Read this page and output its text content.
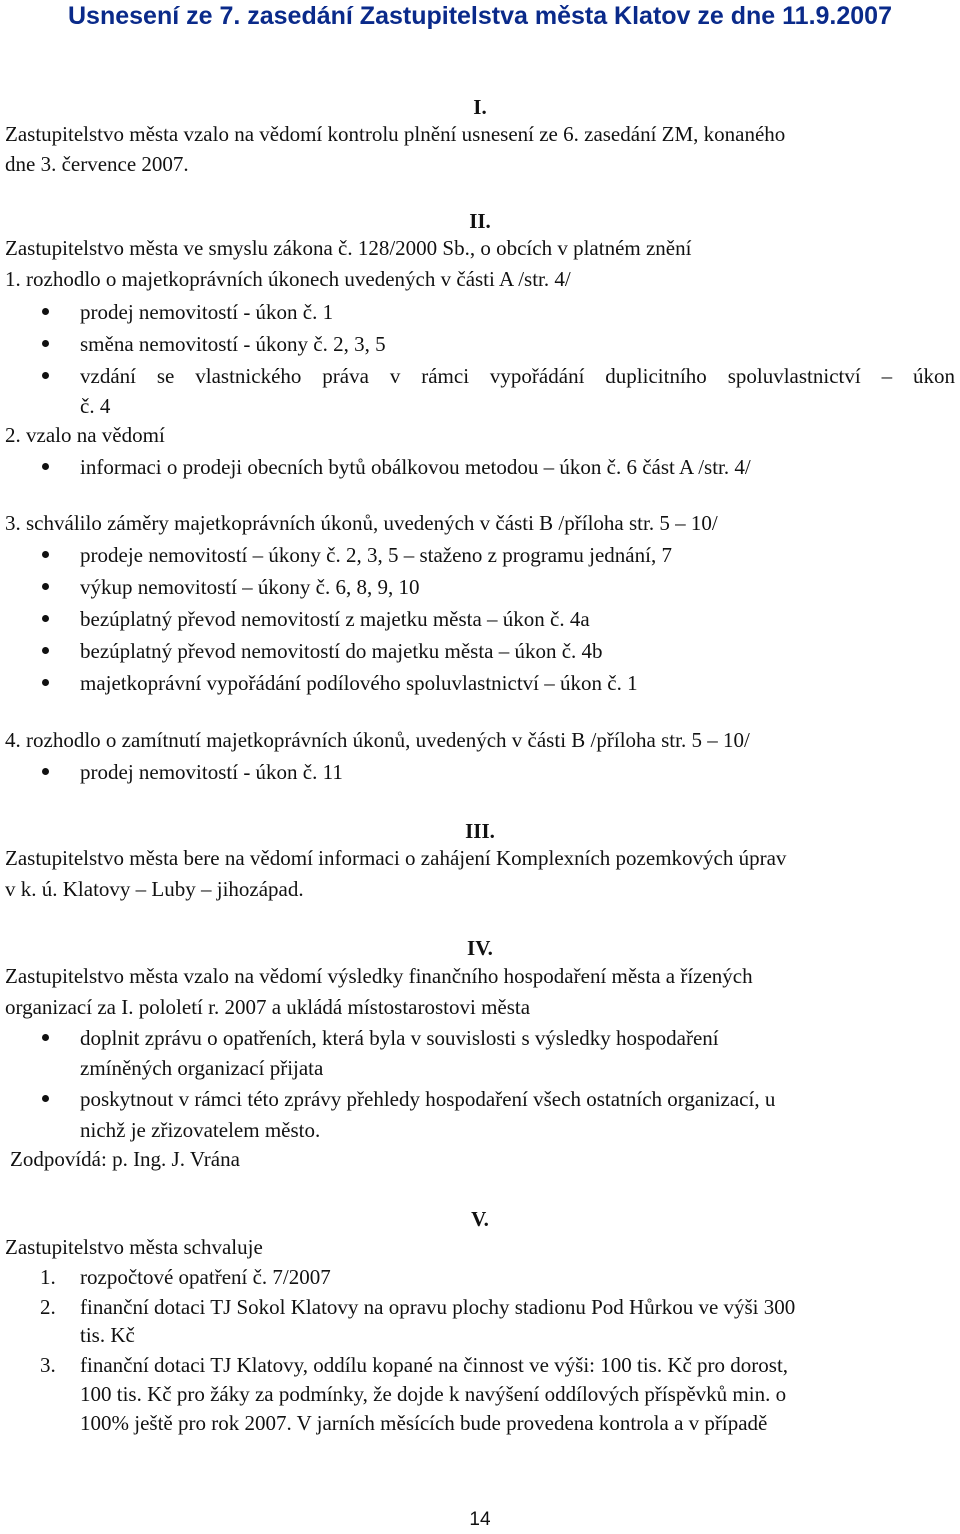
Usnesení ze 7. zasedání Zastupitelstva města Klatov ze dne 11.9.2007
I.

Zastupitelstvo města vzalo na vědomí kontrolu plnění usnesení ze 6. zasedání ZM, konaného

dne 3. července 2007.

II.

Zastupitelstvo města ve smyslu zákona č. 128/2000 Sb., o obcích v platném znění

1. rozhodlo o majetkoprávních úkonech uvedených v části A /str. 4/

prodej nemovitostí - úkon č. 1

směna nemovitostí - úkony č. 2, 3, 5

vzdání se vlastnického práva v rámci vypořádání duplicitního spoluvlastnictví – úkon

č. 4

2. vzalo na vědomí

informaci o prodeji obecních bytů obálkovou metodou – úkon č. 6 část A /str. 4/

3. schválilo záměry majetkoprávních úkonů, uvedených v části B /příloha str. 5 – 10/

prodeje nemovitostí – úkony č. 2, 3, 5 – staženo z programu jednání, 7

výkup nemovitostí – úkony č. 6, 8, 9, 10

bezúplatný převod nemovitostí z majetku města – úkon č. 4a

bezúplatný převod nemovitostí do majetku města – úkon č. 4b

majetkoprávní vypořádání podílového spoluvlastnictví – úkon č. 1

4. rozhodlo o zamítnutí majetkoprávních úkonů, uvedených v části B /příloha str. 5 – 10/

prodej nemovitostí - úkon č. 11

III.

Zastupitelstvo města bere na vědomí informaci o zahájení Komplexních pozemkových úprav

v k. ú. Klatovy – Luby – jihozápad.

IV.

Zastupitelstvo města vzalo na vědomí výsledky finančního hospodaření města a řízených

organizací za I. pololetí r. 2007 a ukládá místostarostovi města

doplnit zprávu o opatřeních, která byla v souvislosti s výsledky hospodaření

zmíněných organizací přijata

poskytnout v rámci této zprávy přehledy hospodaření všech ostatních organizací, u

nichž je zřizovatelem město.

Zodpovídá: p. Ing. J. Vrána

V.

Zastupitelstvo města schvaluje

1. rozpočtové opatření č. 7/2007

2. finanční dotaci TJ Sokol Klatovy na opravu plochy stadionu Pod Hůrkou ve výši 300

tis. Kč

3. finanční dotaci TJ Klatovy, oddílu kopané na činnost ve výši: 100 tis. Kč pro dorost,

100 tis. Kč pro žáky za podmínky, že dojde k navýšení oddílových příspěvků min. o

100% ještě pro rok 2007. V jarních měsících bude provedena kontrola a v případě

14
